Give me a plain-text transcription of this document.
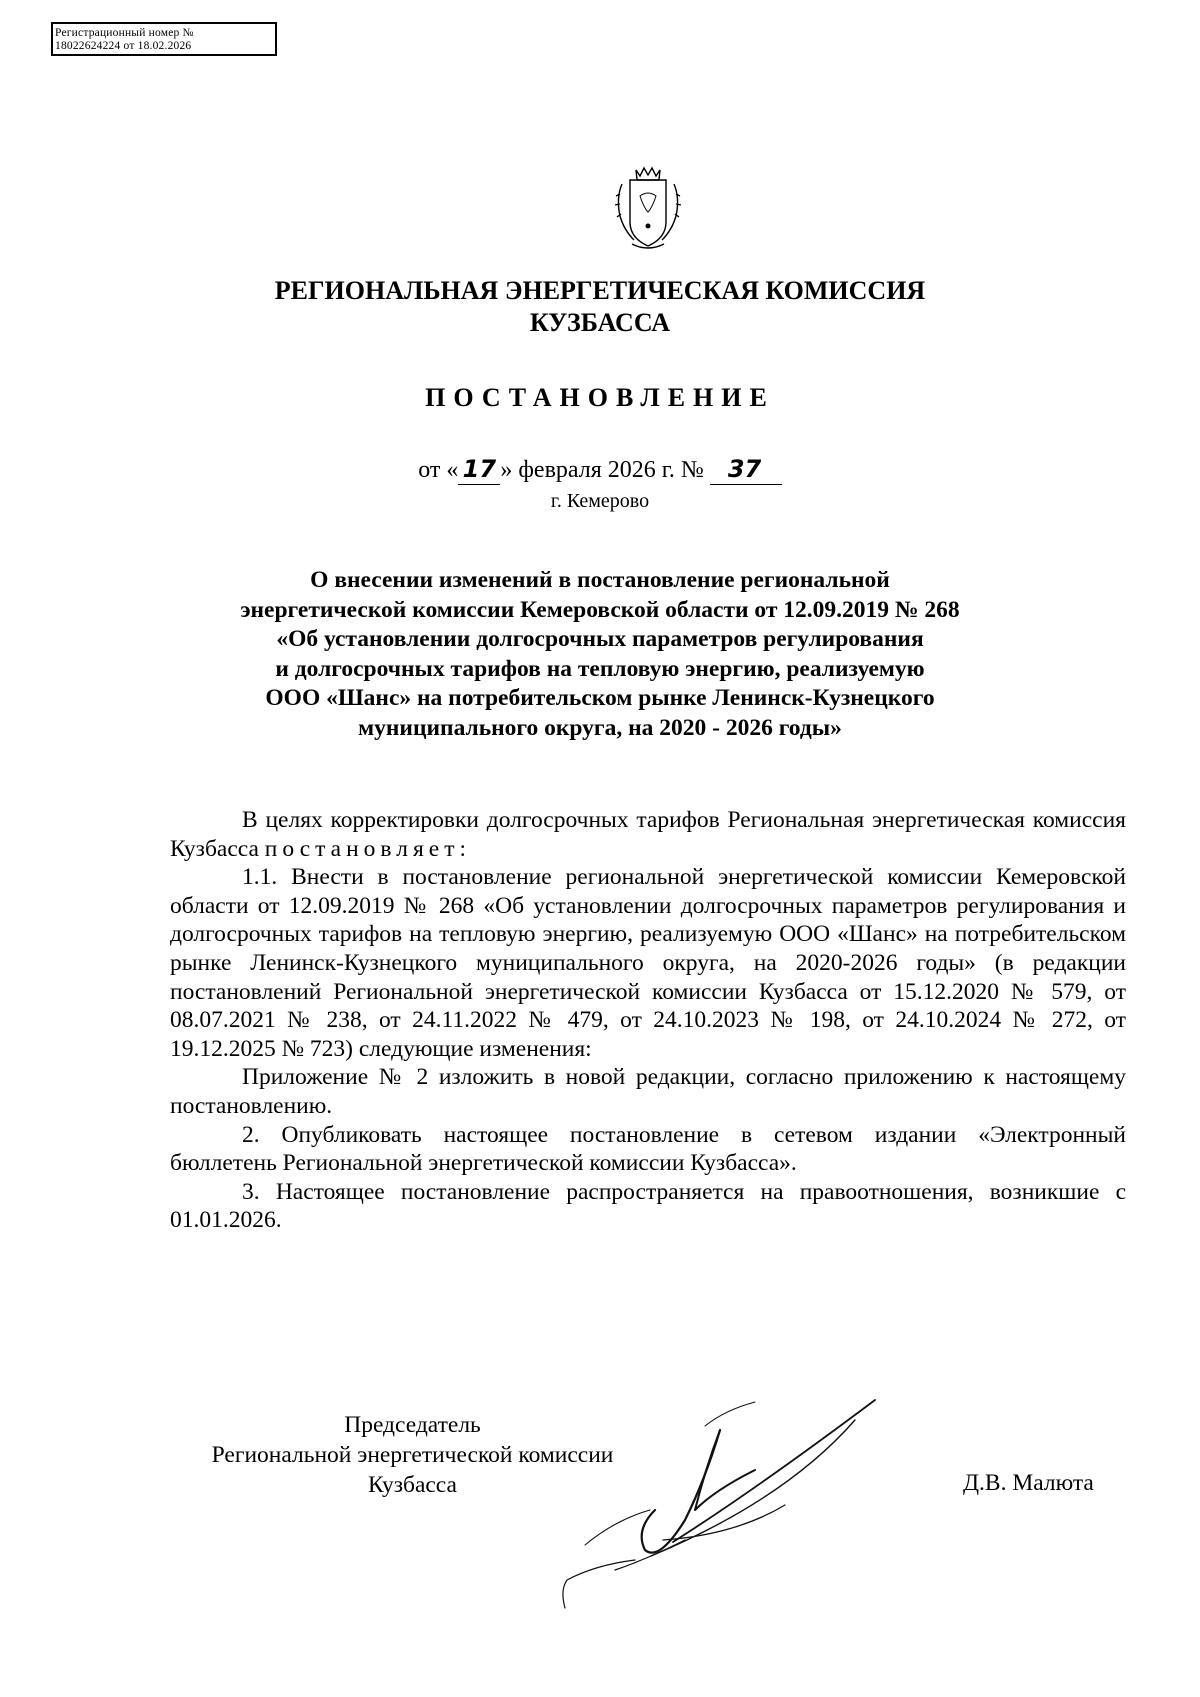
Регистрационный номер №
18022624224 от 18.02.2026
РЕГИОНАЛЬНАЯ ЭНЕРГЕТИЧЕСКАЯ КОМИССИЯ
КУЗБАССА
ПОСТАНОВЛЕНИЕ
от « 17 » февраля 2026 г. № 37
г. Кемерово
О внесении изменений в постановление региональной
энергетической комиссии Кемеровской области от 12.09.2019 № 268
«Об установлении долгосрочных параметров регулирования
и долгосрочных тарифов на тепловую энергию, реализуемую
ООО «Шанс» на потребительском рынке Ленинск-Кузнецкого
муниципального округа, на 2020 - 2026 годы»

В целях корректировки долгосрочных тарифов Региональная энергетическая комиссия Кузбасса постановляет:

1.1. Внести в постановление региональной энергетической комиссии Кемеровской области от 12.09.2019 № 268 «Об установлении долгосрочных параметров регулирования и долгосрочных тарифов на тепловую энергию, реализуемую ООО «Шанс» на потребительском рынке Ленинск-Кузнецкого муниципального округа, на 2020-2026 годы» (в редакции постановлений Региональной энергетической комиссии Кузбасса от 15.12.2020 № 579, от 08.07.2021 № 238, от 24.11.2022 № 479, от 24.10.2023 № 198, от 24.10.2024 № 272, от 19.12.2025 № 723) следующие изменения:

Приложение № 2 изложить в новой редакции, согласно приложению к настоящему постановлению.

2. Опубликовать настоящее постановление в сетевом издании «Электронный бюллетень Региональной энергетической комиссии Кузбасса».

3. Настоящее постановление распространяется на правоотношения, возникшие с 01.01.2026.

Председатель
Региональной энергетической комиссии
Кузбасса	Д.В. Малюта
